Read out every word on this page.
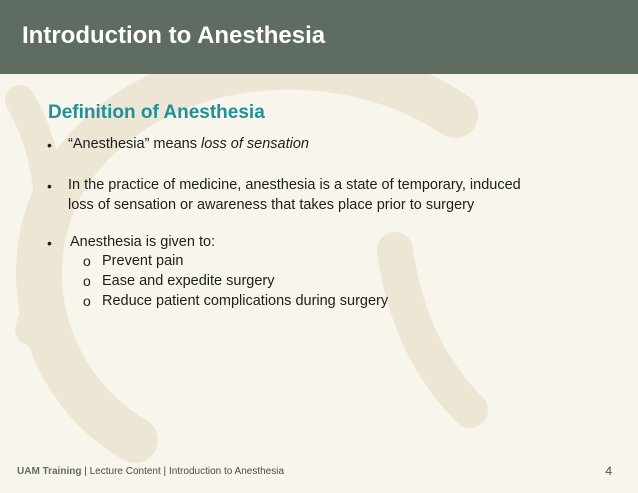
Introduction to Anesthesia
Definition of Anesthesia
• “Anesthesia” means loss of sensation
• In the practice of medicine, anesthesia is a state of temporary, induced
loss of sensation or awareness that takes place prior to surgery
• Anesthesia is given to:
o Prevent pain
o Ease and expedite surgery
o Reduce patient complications during surgery
UAM Training | Lecture Content | Introduction to Anesthesia	4
